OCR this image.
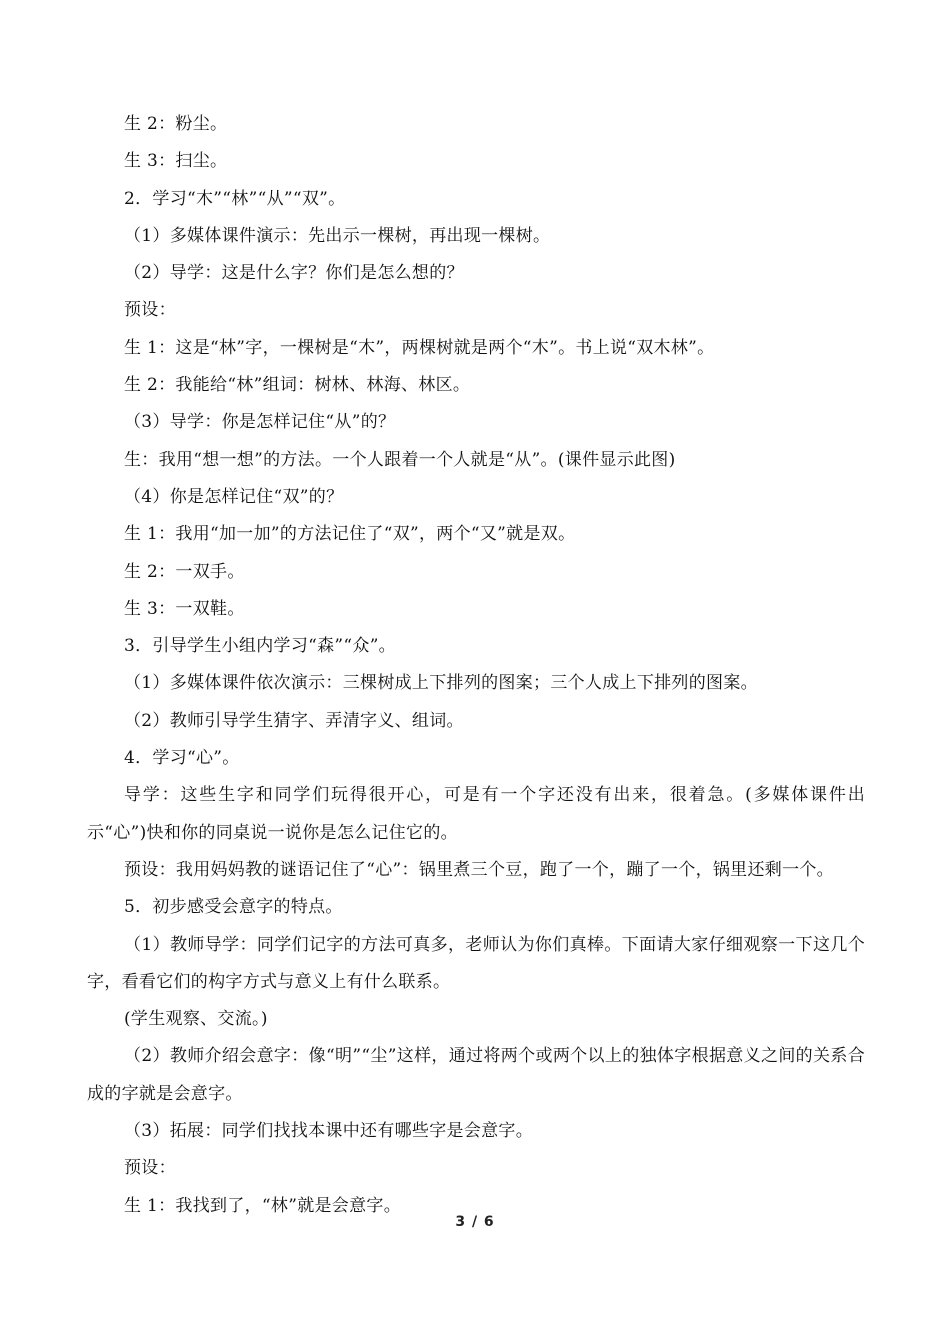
生 2：粉尘。
生 3：扫尘。
2．学习“木”“林”“从”“双”。
（1）多媒体课件演示：先出示一棵树，再出现一棵树。
（2）导学：这是什么字？你们是怎么想的？
预设：
生 1：这是“林”字，一棵树是“木”，两棵树就是两个“木”。书上说“双木林”。
生 2：我能给“林”组词：树林、林海、林区。
（3）导学：你是怎样记住“从”的？
生：我用“想一想”的方法。一个人跟着一个人就是“从”。(课件显示此图)
（4）你是怎样记住“双”的？
生 1：我用“加一加”的方法记住了“双”，两个“又”就是双。
生 2：一双手。
生 3：一双鞋。
3．引导学生小组内学习“森”“众”。
（1）多媒体课件依次演示：三棵树成上下排列的图案；三个人成上下排列的图案。
（2）教师引导学生猜字、弄清字义、组词。
4．学习“心”。
导学：这些生字和同学们玩得很开心，可是有一个字还没有出来，很着急。(多媒体课件出示“心”)快和你的同桌说一说你是怎么记住它的。
预设：我用妈妈教的谜语记住了“心”：锅里煮三个豆，跑了一个，蹦了一个，锅里还剩一个。
5．初步感受会意字的特点。
（1）教师导学：同学们记字的方法可真多，老师认为你们真棒。下面请大家仔细观察一下这几个字，看看它们的构字方式与意义上有什么联系。
(学生观察、交流。)
（2）教师介绍会意字：像“明”“尘”这样，通过将两个或两个以上的独体字根据意义之间的关系合成的字就是会意字。
（3）拓展：同学们找找本课中还有哪些字是会意字。
预设：
生 1：我找到了，“林”就是会意字。
3 / 6
